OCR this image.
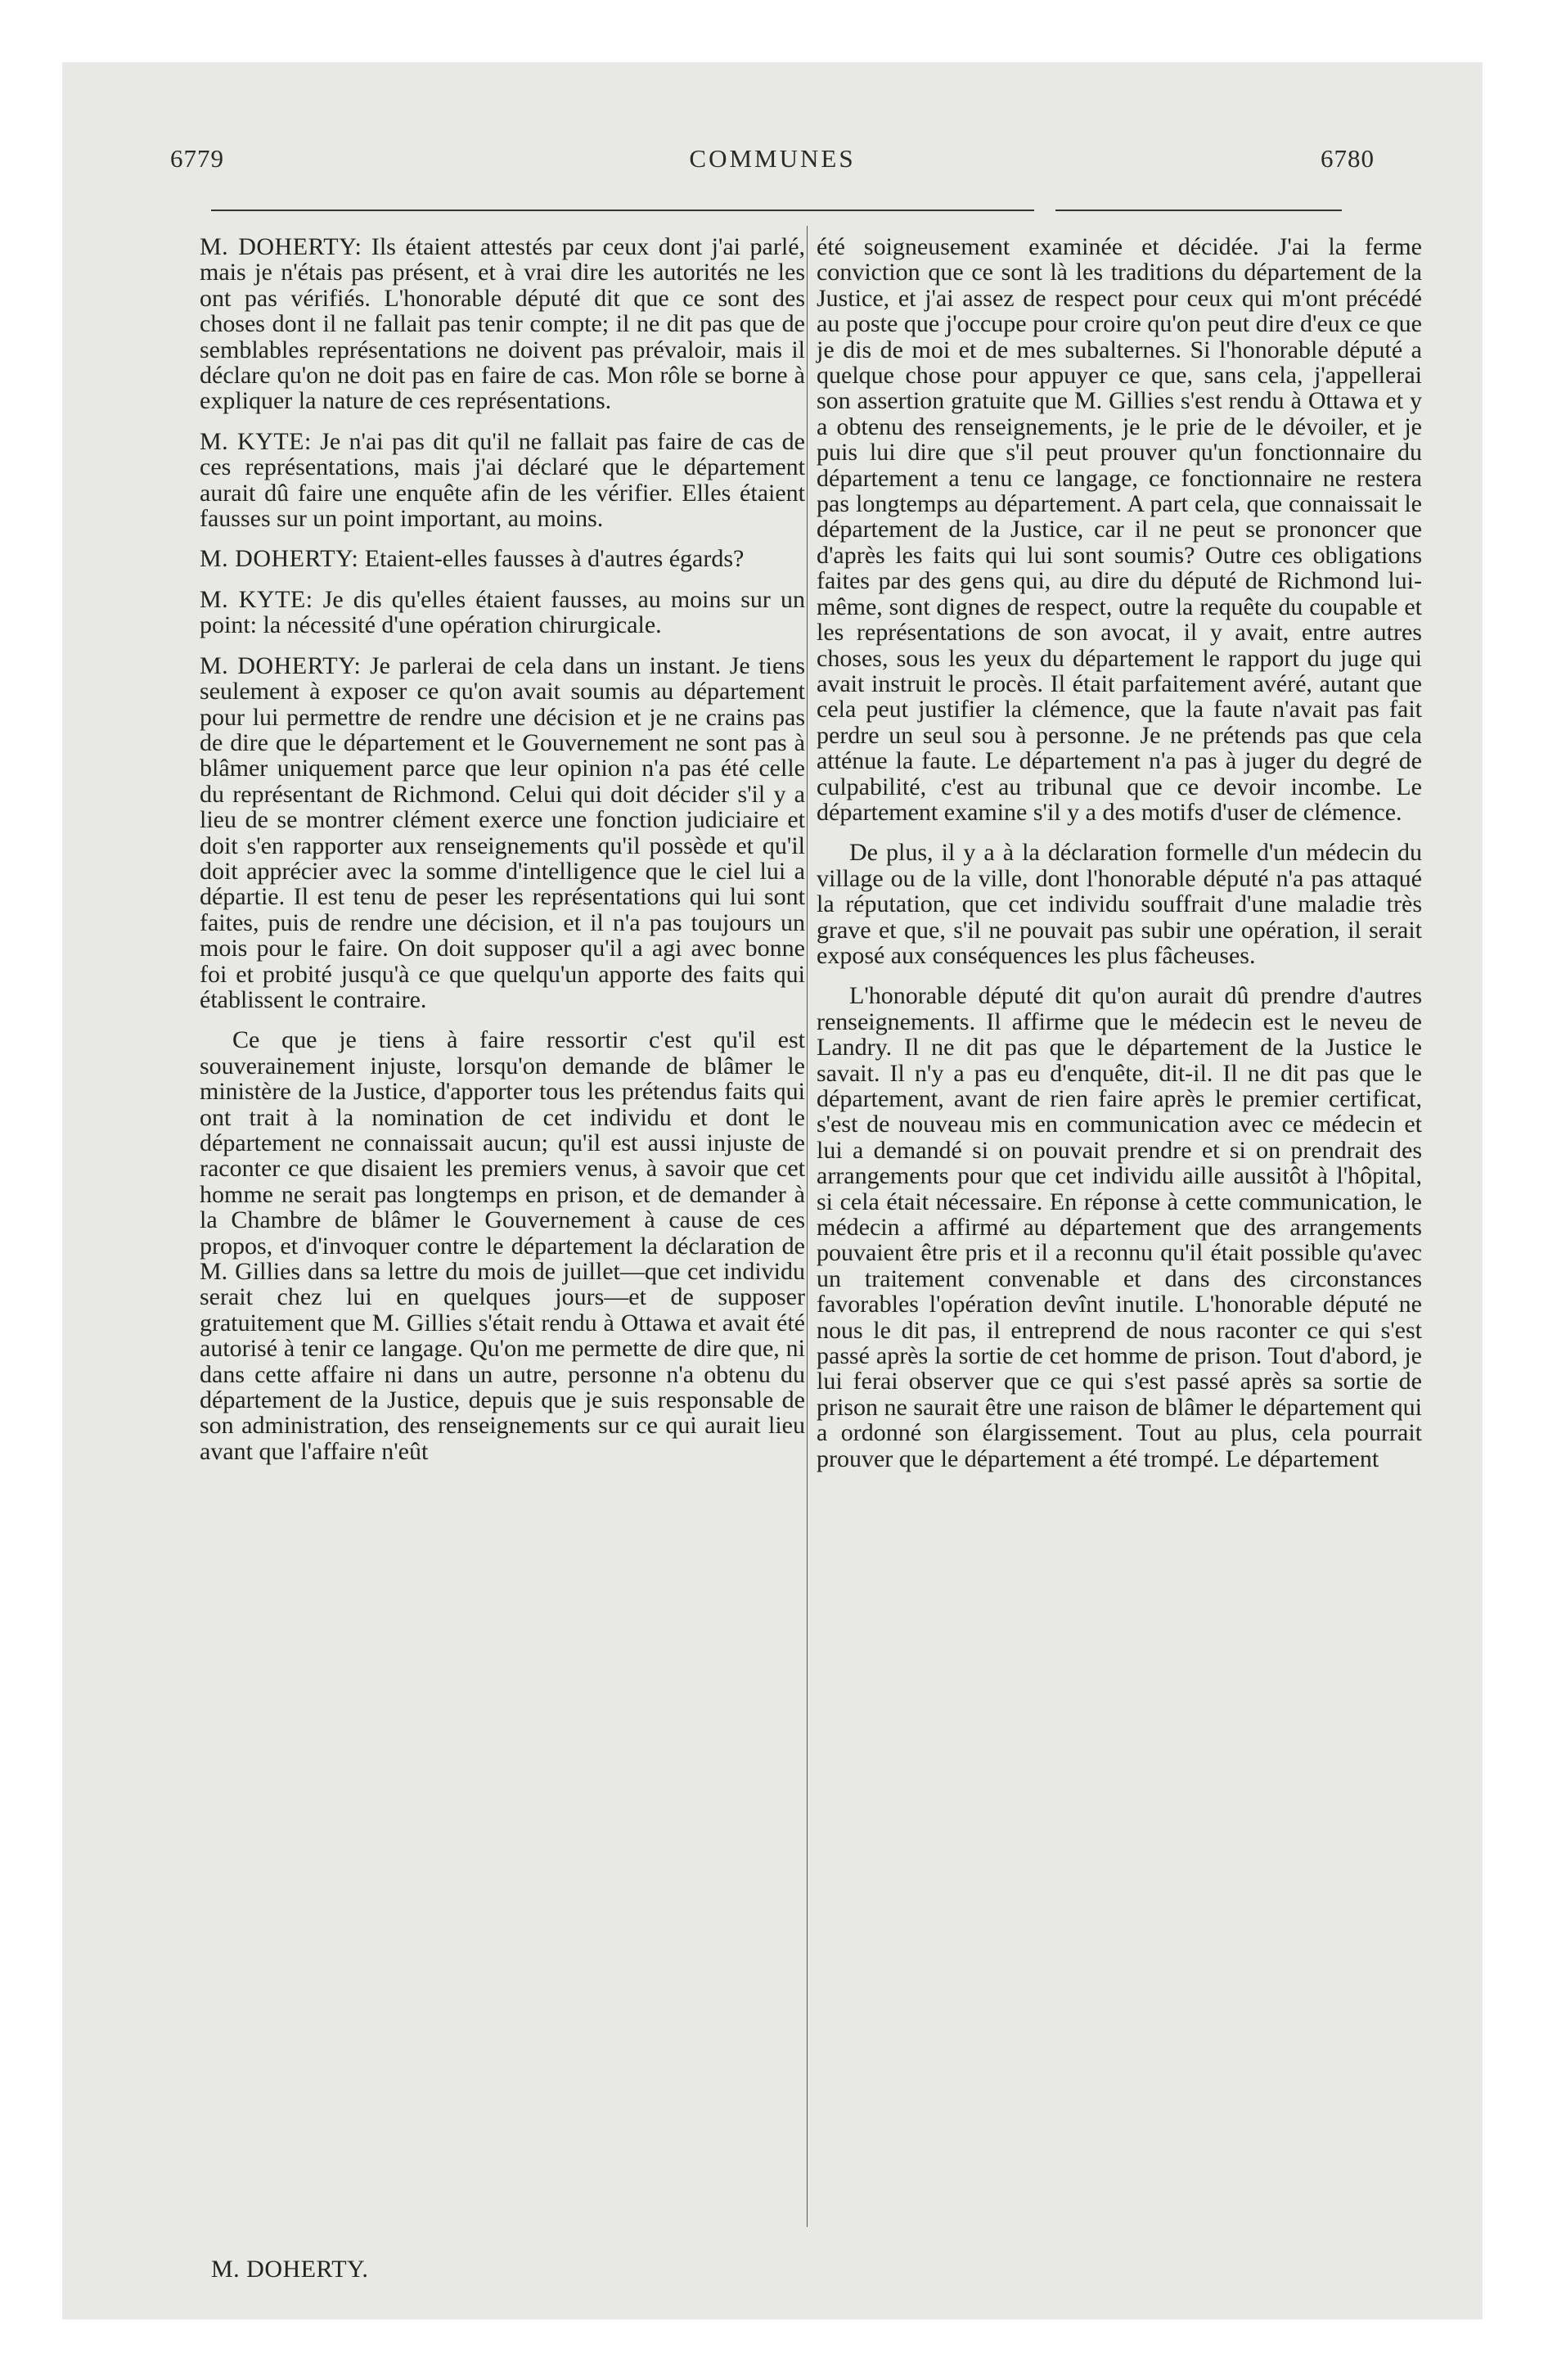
6779	COMMUNES	6780

M. DOHERTY: Ils étaient attestés par ceux dont j'ai parlé, mais je n'étais pas présent, et à vrai dire les autorités ne les ont pas vérifiés. L'honorable député dit que ce sont des choses dont il ne fallait pas tenir compte; il ne dit pas que de semblables représentations ne doivent pas prévaloir, mais il déclare qu'on ne doit pas en faire de cas. Mon rôle se borne à expliquer la nature de ces représentations.

M. KYTE: Je n'ai pas dit qu'il ne fallait pas faire de cas de ces représentations, mais j'ai déclaré que le département aurait dû faire une enquête afin de les vérifier. Elles étaient fausses sur un point important, au moins.

M. DOHERTY: Etaient-elles fausses à d'autres égards?

M. KYTE: Je dis qu'elles étaient fausses, au moins sur un point: la nécessité d'une opération chirurgicale.

M. DOHERTY: Je parlerai de cela dans un instant. Je tiens seulement à exposer ce qu'on avait soumis au département pour lui permettre de rendre une décision et je ne crains pas de dire que le département et le Gouvernement ne sont pas à blâmer uniquement parce que leur opinion n'a pas été celle du représentant de Richmond. Celui qui doit décider s'il y a lieu de se montrer clément exerce une fonction judiciaire et doit s'en rapporter aux renseignements qu'il possède et qu'il doit apprécier avec la somme d'intelligence que le ciel lui a départie. Il est tenu de peser les représentations qui lui sont faites, puis de rendre une décision, et il n'a pas toujours un mois pour le faire. On doit supposer qu'il a agi avec bonne foi et probité jusqu'à ce que quelqu'un apporte des faits qui établissent le contraire.

Ce que je tiens à faire ressortir c'est qu'il est souverainement injuste, lorsqu'on demande de blâmer le ministère de la Justice, d'apporter tous les prétendus faits qui ont trait à la nomination de cet individu et dont le département ne connaissait aucun; qu'il est aussi injuste de raconter ce que disaient les premiers venus, à savoir que cet homme ne serait pas longtemps en prison, et de demander à la Chambre de blâmer le Gouvernement à cause de ces propos, et d'invoquer contre le département la déclaration de M. Gillies dans sa lettre du mois de juillet—que cet individu serait chez lui en quelques jours—et de supposer gratuitement que M. Gillies s'était rendu à Ottawa et avait été autorisé à tenir ce langage. Qu'on me permette de dire que, ni dans cette affaire ni dans un autre, personne n'a obtenu du département de la Justice, depuis que je suis responsable de son administration, des renseignements sur ce qui aurait lieu avant que l'affaire n'eût

été soigneusement examinée et décidée. J'ai la ferme conviction que ce sont là les traditions du département de la Justice, et j'ai assez de respect pour ceux qui m'ont précédé au poste que j'occupe pour croire qu'on peut dire d'eux ce que je dis de moi et de mes subalternes. Si l'honorable député a quelque chose pour appuyer ce que, sans cela, j'appellerai son assertion gratuite que M. Gillies s'est rendu à Ottawa et y a obtenu des renseignements, je le prie de le dévoiler, et je puis lui dire que s'il peut prouver qu'un fonctionnaire du département a tenu ce langage, ce fonctionnaire ne restera pas longtemps au département. A part cela, que connaissait le département de la Justice, car il ne peut se prononcer que d'après les faits qui lui sont soumis? Outre ces obligations faites par des gens qui, au dire du député de Richmond lui-même, sont dignes de respect, outre la requête du coupable et les représentations de son avocat, il y avait, entre autres choses, sous les yeux du département le rapport du juge qui avait instruit le procès. Il était parfaitement avéré, autant que cela peut justifier la clémence, que la faute n'avait pas fait perdre un seul sou à personne. Je ne prétends pas que cela atténue la faute. Le département n'a pas à juger du degré de culpabilité, c'est au tribunal que ce devoir incombe. Le département examine s'il y a des motifs d'user de clémence.

De plus, il y a à la déclaration formelle d'un médecin du village ou de la ville, dont l'honorable député n'a pas attaqué la réputation, que cet individu souffrait d'une maladie très grave et que, s'il ne pouvait pas subir une opération, il serait exposé aux conséquences les plus fâcheuses.

L'honorable député dit qu'on aurait dû prendre d'autres renseignements. Il affirme que le médecin est le neveu de Landry. Il ne dit pas que le département de la Justice le savait. Il n'y a pas eu d'enquête, dit-il. Il ne dit pas que le département, avant de rien faire après le premier certificat, s'est de nouveau mis en communication avec ce médecin et lui a demandé si on pouvait prendre et si on prendrait des arrangements pour que cet individu aille aussitôt à l'hôpital, si cela était nécessaire. En réponse à cette communication, le médecin a affirmé au département que des arrangements pouvaient être pris et il a reconnu qu'il était possible qu'avec un traitement convenable et dans des circonstances favorables l'opération devînt inutile. L'honorable député ne nous le dit pas, il entreprend de nous raconter ce qui s'est passé après la sortie de cet homme de prison. Tout d'abord, je lui ferai observer que ce qui s'est passé après sa sortie de prison ne saurait être une raison de blâmer le département qui a ordonné son élargissement. Tout au plus, cela pourrait prouver que le département a été trompé. Le département

M. DOHERTY.
